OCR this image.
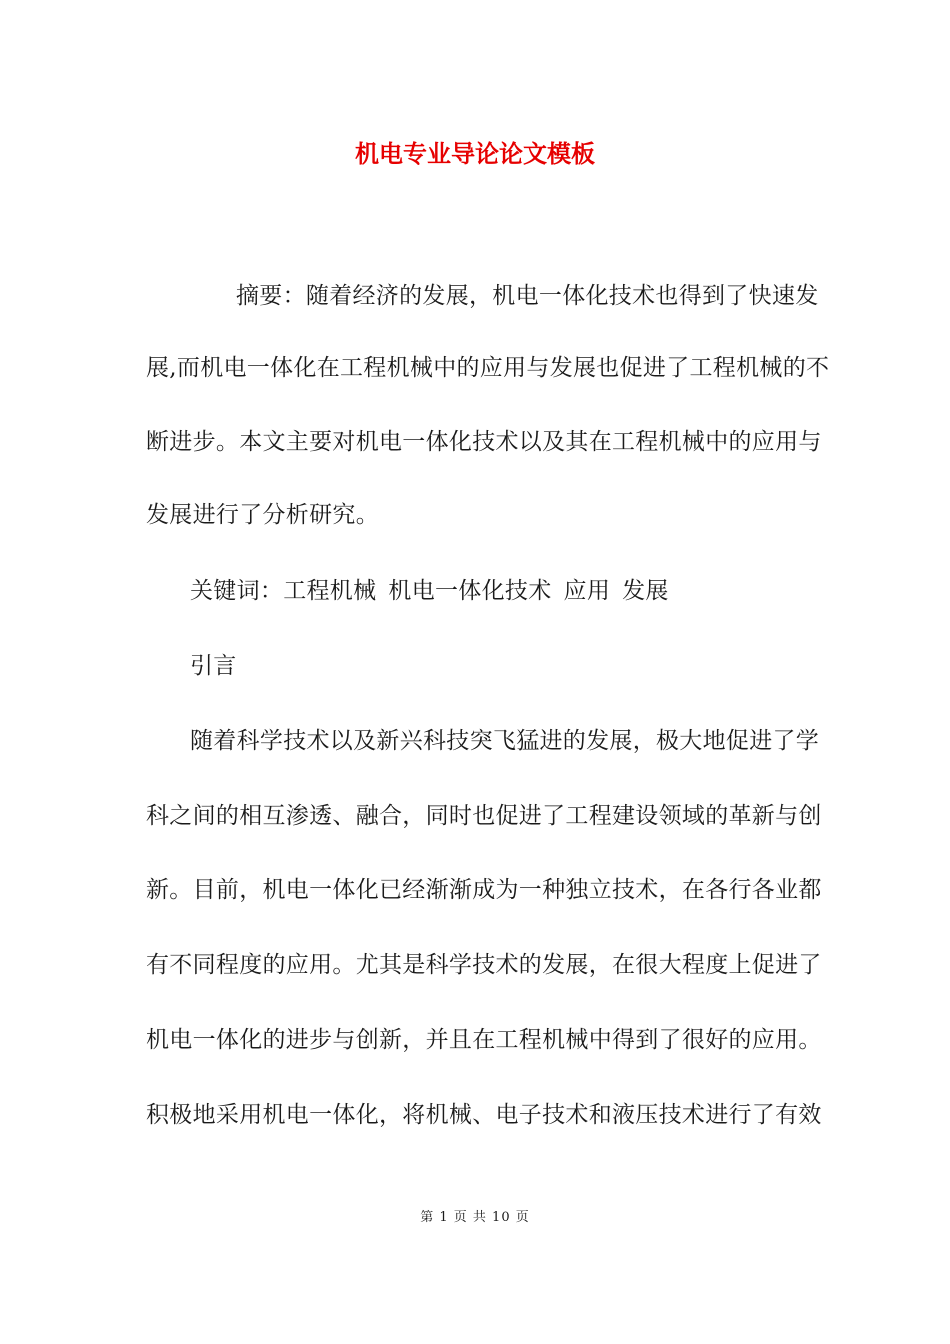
机电专业导论论文模板
摘要：随着经济的发展，机电一体化技术也得到了快速发
展,而机电一体化在工程机械中的应用与发展也促进了工程机械的不
断进步。本文主要对机电一体化技术以及其在工程机械中的应用与
发展进行了分析研究。
关键词：工程机械 机电一体化技术 应用 发展
引言
随着科学技术以及新兴科技突飞猛进的发展，极大地促进了学
科之间的相互渗透、融合，同时也促进了工程建设领域的革新与创
新。目前，机电一体化已经渐渐成为一种独立技术，在各行各业都
有不同程度的应用。尤其是科学技术的发展，在很大程度上促进了
机电一体化的进步与创新，并且在工程机械中得到了很好的应用。
积极地采用机电一体化，将机械、电子技术和液压技术进行了有效
第 1 页 共 10 页
